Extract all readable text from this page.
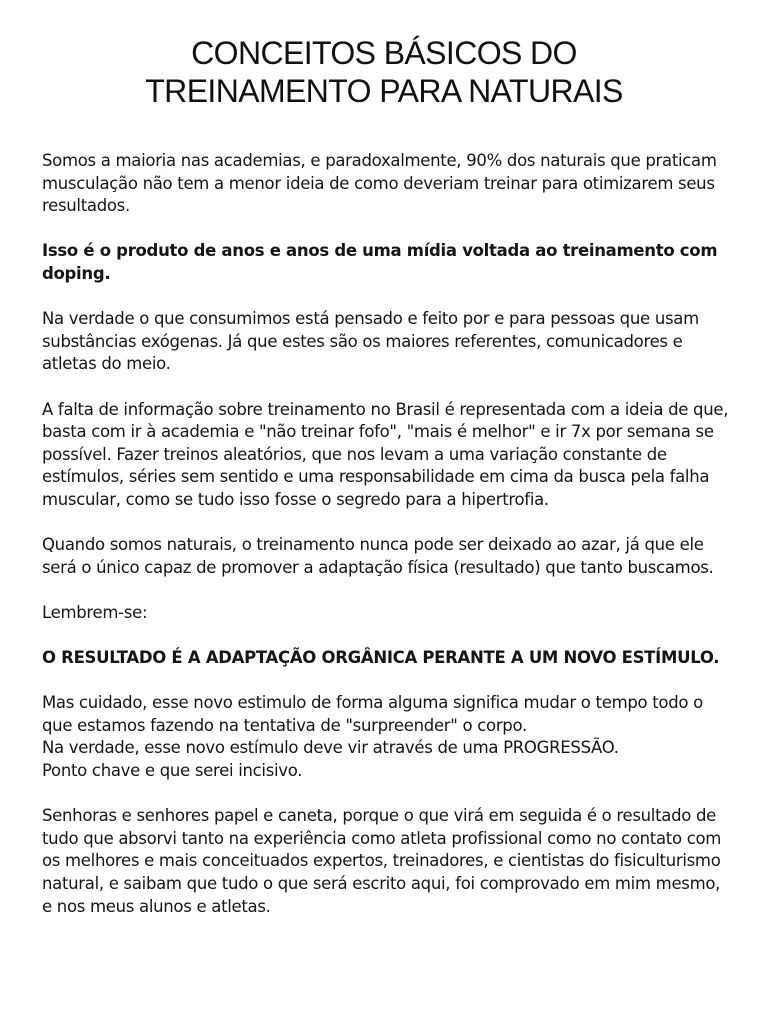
CONCEITOS BÁSICOS DO
TREINAMENTO PARA NATURAIS

Somos a maioria nas academias, e paradoxalmente, 90% dos naturais que praticam musculação não tem a menor ideia de como deveriam treinar para otimizarem seus resultados.

Isso é o produto de anos e anos de uma mídia voltada ao treinamento com doping.

Na verdade o que consumimos está pensado e feito por e para pessoas que usam substâncias exógenas. Já que estes são os maiores referentes, comunicadores e atletas do meio.

A falta de informação sobre treinamento no Brasil é representada com a ideia de que, basta com ir à academia e "não treinar fofo", "mais é melhor" e ir 7x por semana se possível. Fazer treinos aleatórios, que nos levam a uma variação constante de estímulos, séries sem sentido e uma responsabilidade em cima da busca pela falha muscular, como se tudo isso fosse o segredo para a hipertrofia.

Quando somos naturais, o treinamento nunca pode ser deixado ao azar, já que ele será o único capaz de promover a adaptação física (resultado) que tanto buscamos.

Lembrem-se:

O RESULTADO É A ADAPTAÇÃO ORGÂNICA PERANTE A UM NOVO ESTÍMULO.

Mas cuidado, esse novo estimulo de forma alguma significa mudar o tempo todo o que estamos fazendo na tentativa de "surpreender" o corpo.
Na verdade, esse novo estímulo deve vir através de uma PROGRESSÃO.
Ponto chave e que serei incisivo.

Senhoras e senhores papel e caneta, porque o que virá em seguida é o resultado de tudo que absorvi tanto na experiência como atleta profissional como no contato com os melhores e mais conceituados expertos, treinadores, e cientistas do fisiculturismo natural, e saibam que tudo o que será escrito aqui, foi comprovado em mim mesmo, e nos meus alunos e atletas.
